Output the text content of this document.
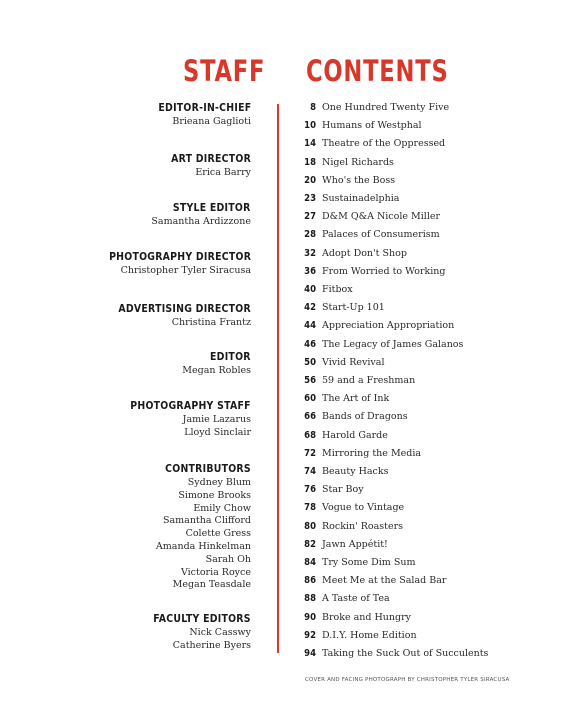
STAFF CONTENTS
EDITOR-IN-CHIEF
Brieana Gaglioti
ART DIRECTOR
Erica Barry
STYLE EDITOR
Samantha Ardizzone
PHOTOGRAPHY DIRECTOR
Christopher Tyler Siracusa
ADVERTISING DIRECTOR
Christina Frantz
EDITOR
Megan Robles
PHOTOGRAPHY STAFF
Jamie Lazarus
Lloyd Sinclair
CONTRIBUTORS
Sydney Blum
Simone Brooks
Emily Chow
Samantha Clifford
Colette Gress
Amanda Hinkelman
Sarah Oh
Victoria Royce
Megan Teasdale
FACULTY EDITORS
Nick Casswy
Catherine Byers
8 One Hundred Twenty Five
10 Humans of Westphal
14 Theatre of the Oppressed
18 Nigel Richards
20 Who's the Boss
23 Sustainadelphia
27 D&M Q&A Nicole Miller
28 Palaces of Consumerism
32 Adopt Don't Shop
36 From Worried to Working
40 Fitbox
42 Start-Up 101
44 Appreciation Appropriation
46 The Legacy of James Galanos
50 Vivid Revival
56 59 and a Freshman
60 The Art of Ink
66 Bands of Dragons
68 Harold Garde
72 Mirroring the Media
74 Beauty Hacks
76 Star Boy
78 Vogue to Vintage
80 Rockin' Roasters
82 Jawn Appétit!
84 Try Some Dim Sum
86 Meet Me at the Salad Bar
88 A Taste of Tea
90 Broke and Hungry
92 D.I.Y. Home Edition
94 Taking the Suck Out of Succulents
COVER AND FACING PHOTOGRAPH BY CHRISTOPHER TYLER SIRACUSA
